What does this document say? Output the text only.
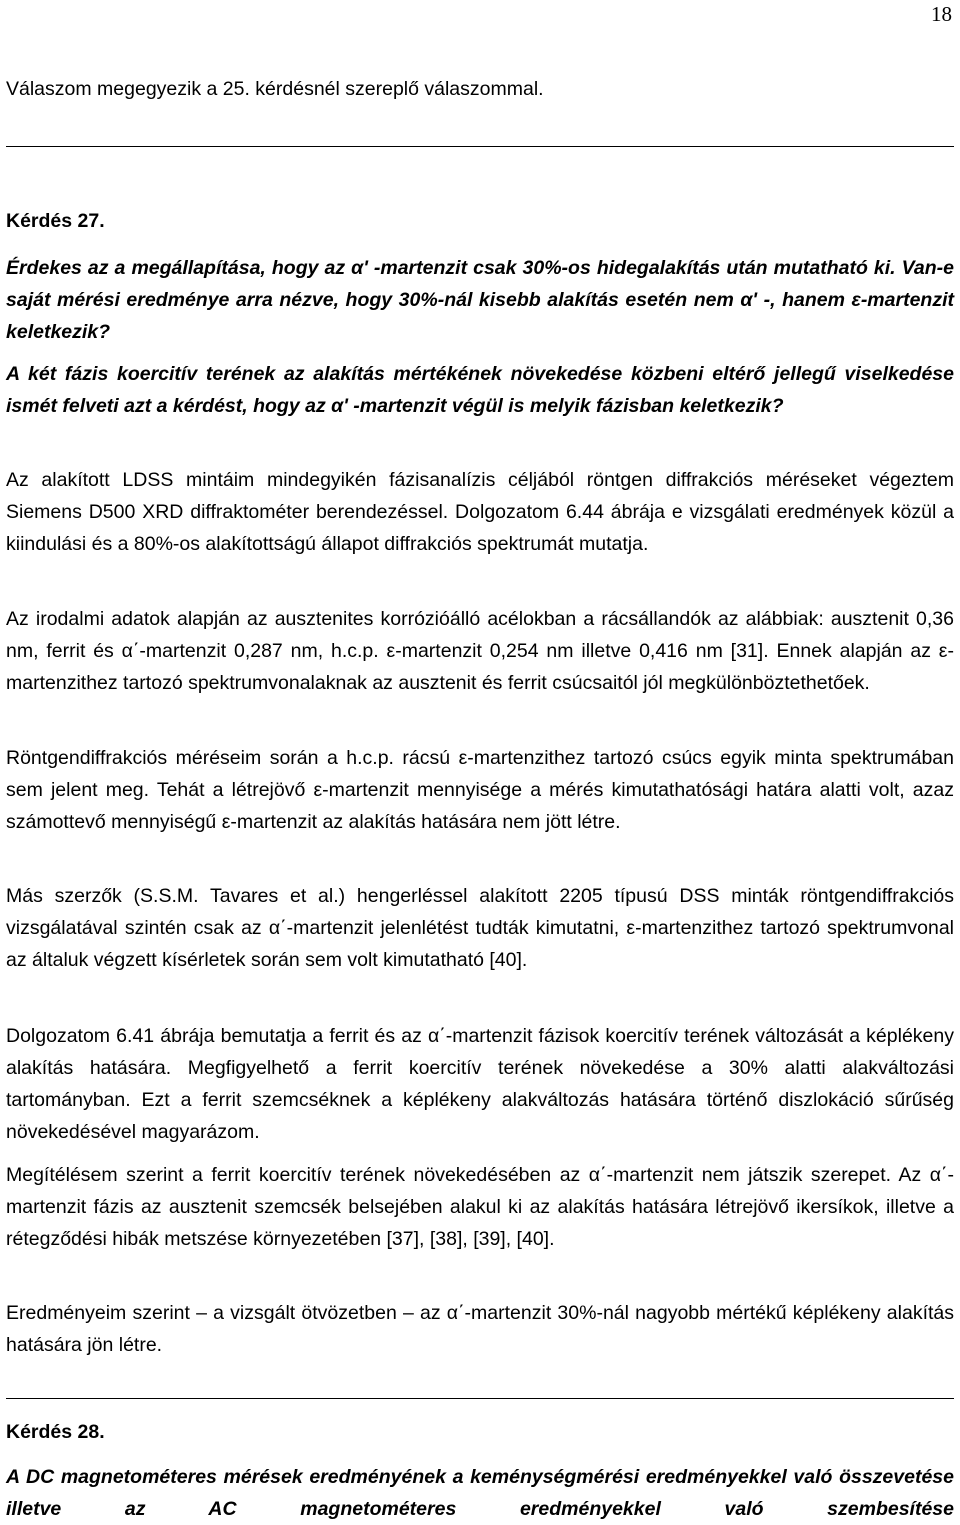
18

Válaszom megegyezik a 25. kérdésnél szereplő válaszommal.

Kérdés 27.

Érdekes az a megállapítása, hogy az α' -martenzit csak 30%-os hidegalakítás után mutatható ki. Van-e saját mérési eredménye arra nézve, hogy 30%-nál kisebb alakítás esetén nem α' -, hanem ε-martenzit keletkezik?

A két fázis koercitív terének az alakítás mértékének növekedése közbeni eltérő jellegű viselkedése ismét felveti azt a kérdést, hogy az α' -martenzit végül is melyik fázisban keletkezik?

Az alakított LDSS mintáim mindegyikén fázisanalízis céljából röntgen diffrakciós méréseket végeztem Siemens D500 XRD diffraktométer berendezéssel. Dolgozatom 6.44 ábrája e vizsgálati eredmények közül a kiindulási és a 80%-os alakítottságú állapot diffrakciós spektrumát mutatja.

Az irodalmi adatok alapján az ausztenites korrózióálló acélokban a rácsállandók az alábbiak: ausztenit 0,36 nm, ferrit és α΄-martenzit 0,287 nm, h.c.p. ε-martenzit 0,254 nm illetve 0,416 nm [31]. Ennek alapján az ε-martenzithez tartozó spektrumvonalaknak az ausztenit és ferrit csúcsaitól jól megkülönböztethetőek.

Röntgendiffrakciós méréseim során a h.c.p. rácsú ε-martenzithez tartozó csúcs egyik minta spektrumában sem jelent meg. Tehát a létrejövő ε-martenzit mennyisége a mérés kimutathatósági határa alatti volt, azaz számottevő mennyiségű ε-martenzit az alakítás hatására nem jött létre.

Más szerzők (S.S.M. Tavares et al.) hengerléssel alakított 2205 típusú DSS minták röntgendiffrakciós vizsgálatával szintén csak az α΄-martenzit jelenlétést tudták kimutatni, ε-martenzithez tartozó spektrumvonal az általuk végzett kísérletek során sem volt kimutatható [40].

Dolgozatom 6.41 ábrája bemutatja a ferrit és az α΄-martenzit fázisok koercitív terének változását a képlékeny alakítás hatására. Megfigyelhető a ferrit koercitív terének növekedése a 30% alatti alakváltozási tartományban. Ezt a ferrit szemcséknek a képlékeny alakváltozás hatására történő diszlokáció sűrűség növekedésével magyarázom.

Megítélésem szerint a ferrit koercitív terének növekedésében az α΄-martenzit nem játszik szerepet. Az α΄-martenzit fázis az ausztenit szemcsék belsejében alakul ki az alakítás hatására létrejövő ikersíkok, illetve a rétegződési hibák metszése környezetében [37], [38], [39], [40].

Eredményeim szerint – a vizsgált ötvözetben – az α΄-martenzit 30%-nál nagyobb mértékű képlékeny alakítás hatására jön létre.

Kérdés 28.

A DC magnetométeres mérések eredményének a keménységmérési eredményekkel való összevetése illetve az AC magnetométeres eredményekkel való szembesítése
